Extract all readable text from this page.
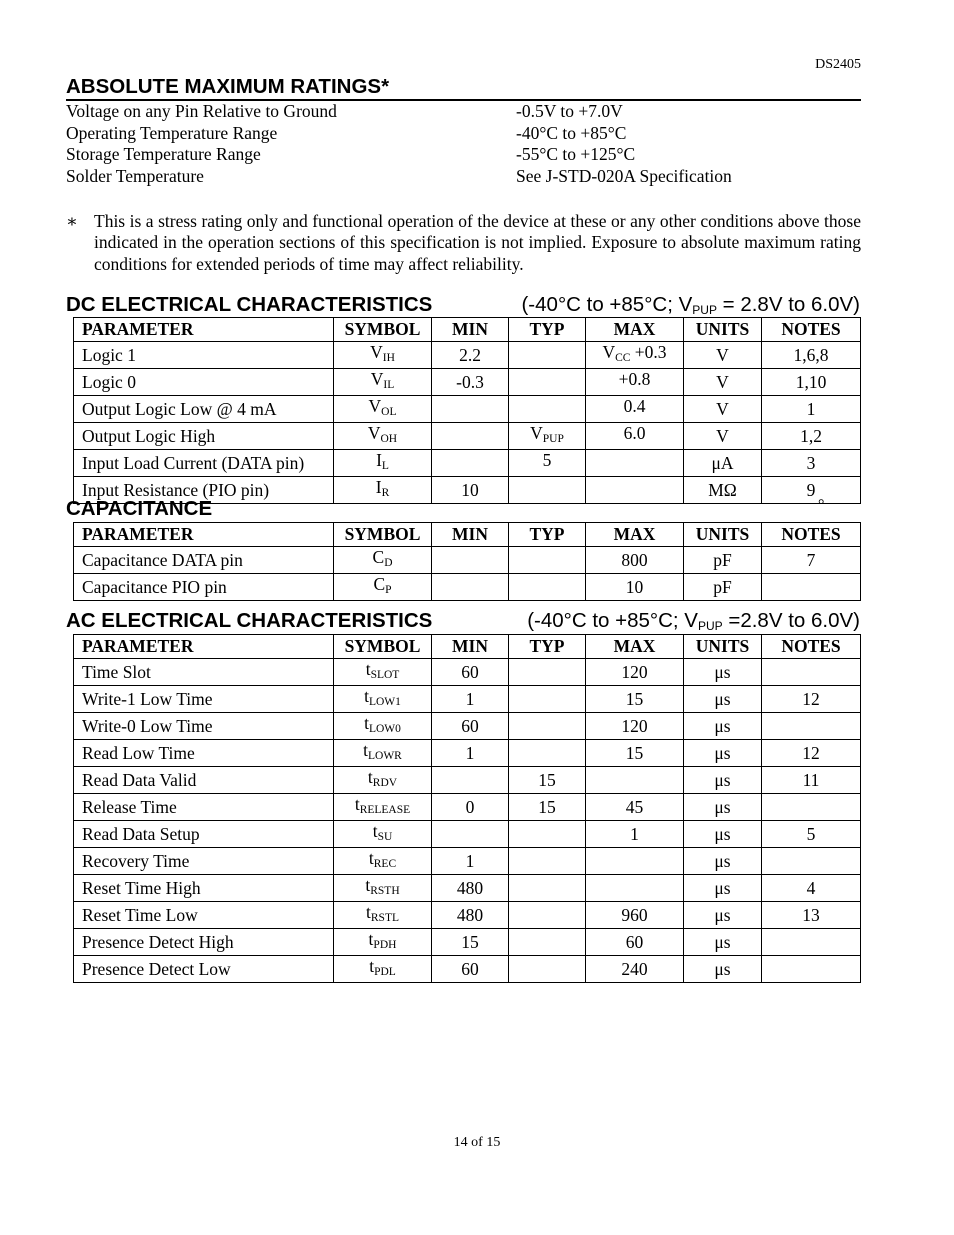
DS2405
ABSOLUTE MAXIMUM RATINGS*
Voltage on any Pin Relative to Ground	-0.5V to +7.0V
Operating Temperature Range	-40°C to +85°C
Storage Temperature Range	-55°C to +125°C
Solder Temperature	See J-STD-020A Specification
∗ This is a stress rating only and functional operation of the device at these or any other conditions above those indicated in the operation sections of this specification is not implied. Exposure to absolute maximum rating conditions for extended periods of time may affect reliability.
DC ELECTRICAL CHARACTERISTICS	(-40°C to +85°C; $V_{PUP} = 2.8V$ to 6.0V)
PARAMETER	SYMBOL	MIN	TYP	MAX	UNITS	NOTES
Logic 1	$V_{IH}$	2.2		$V_{CC} +0.3$	V	1,6,8
Logic 0	$V_{IL}$	-0.3		+0.8	V	1,10
Output Logic Low @ 4 mA	$V_{OL}$			0.4	V	1
Output Logic High	$V_{OH}$		$V_{PUP}$	6.0	V	1,2
Input Load Current (DATA pin)	$I_L$		5		μA	3
Input Resistance (PIO pin)	$I_R$	10			MΩ	9
CAPACITANCE	°
PARAMETER	SYMBOL	MIN	TYP	MAX	UNITS	NOTES
Capacitance DATA pin	$C_D$			800	pF	7
Capacitance PIO pin	$C_P$			10	pF	
AC ELECTRICAL CHARACTERISTICS	(-40°C to +85°C; $V_{PUP} =2.8V$ to 6.0V)
PARAMETER	SYMBOL	MIN	TYP	MAX	UNITS	NOTES
Time Slot	$t_{SLOT}$	60		120	μs	
Write-1 Low Time	$t_{LOW1}$	1		15	μs	12
Write-0 Low Time	$t_{LOW0}$	60		120	μs	
Read Low Time	$t_{LOWR}$	1		15	μs	12
Read Data Valid	$t_{RDV}$		15		μs	11
Release Time	$t_{RELEASE}$	0	15	45	μs	
Read Data Setup	$t_{SU}$			1	μs	5
Recovery Time	$t_{REC}$	1			μs	
Reset Time High	$t_{RSTH}$	480			μs	4
Reset Time Low	$t_{RSTL}$	480		960	μs	13
Presence Detect High	$t_{PDH}$	15		60	μs	
Presence Detect Low	$t_{PDL}$	60		240	μs	
14 of 15
